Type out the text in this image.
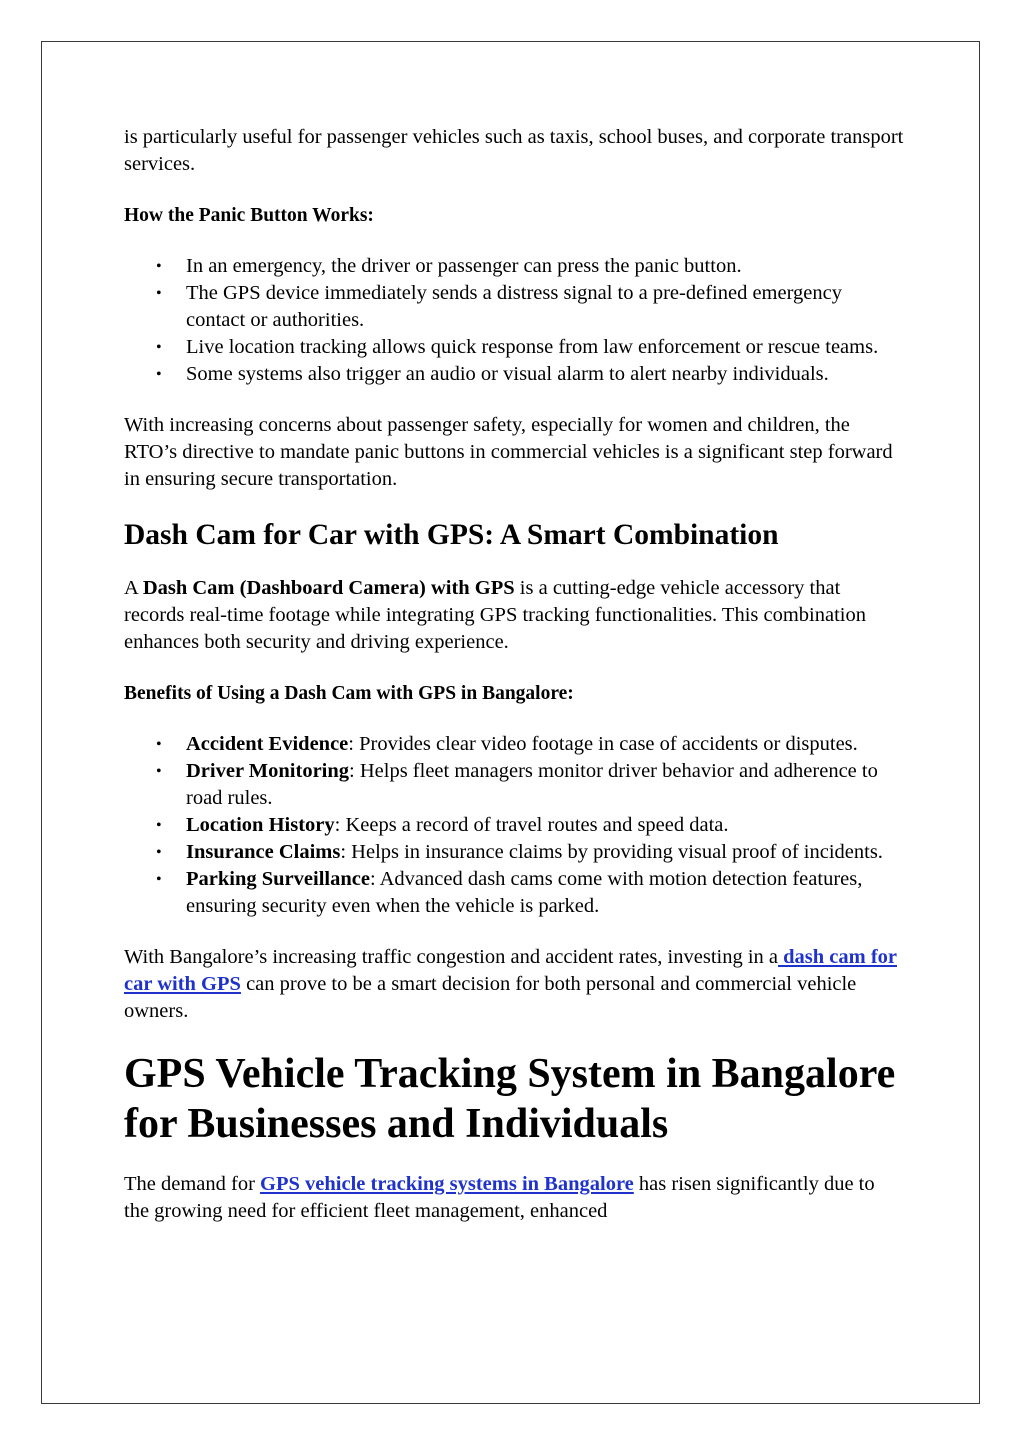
is particularly useful for passenger vehicles such as taxis, school buses, and corporate transport services.

How the Panic Button Works:

• In an emergency, the driver or passenger can press the panic button.
• The GPS device immediately sends a distress signal to a pre-defined emergency contact or authorities.
• Live location tracking allows quick response from law enforcement or rescue teams.
• Some systems also trigger an audio or visual alarm to alert nearby individuals.

With increasing concerns about passenger safety, especially for women and children, the RTO’s directive to mandate panic buttons in commercial vehicles is a significant step forward in ensuring secure transportation.

Dash Cam for Car with GPS: A Smart Combination

A Dash Cam (Dashboard Camera) with GPS is a cutting-edge vehicle accessory that records real-time footage while integrating GPS tracking functionalities. This combination enhances both security and driving experience.

Benefits of Using a Dash Cam with GPS in Bangalore:

• Accident Evidence: Provides clear video footage in case of accidents or disputes.
• Driver Monitoring: Helps fleet managers monitor driver behavior and adherence to road rules.
• Location History: Keeps a record of travel routes and speed data.
• Insurance Claims: Helps in insurance claims by providing visual proof of incidents.
• Parking Surveillance: Advanced dash cams come with motion detection features, ensuring security even when the vehicle is parked.

With Bangalore’s increasing traffic congestion and accident rates, investing in a dash cam for car with GPS can prove to be a smart decision for both personal and commercial vehicle owners.

GPS Vehicle Tracking System in Bangalore for Businesses and Individuals

The demand for GPS vehicle tracking systems in Bangalore has risen significantly due to the growing need for efficient fleet management, enhanced
